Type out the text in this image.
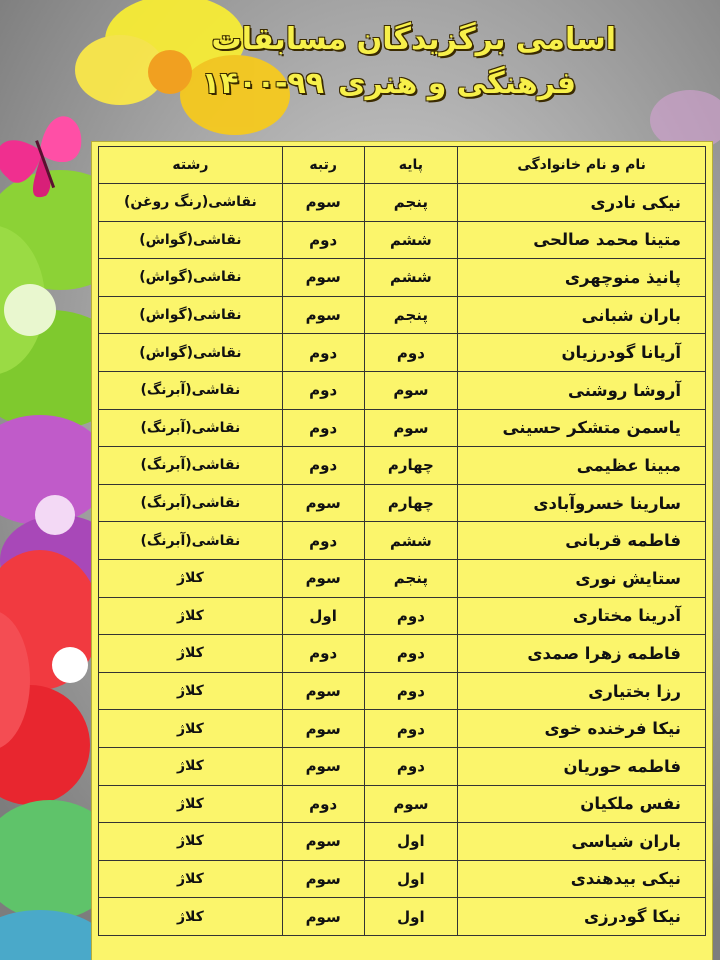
اسامی برگزیدگان مسابقات
فرهنگی و هنری۹۹-۱۴۰۰
نام و نام خانوادگی	پایه	رتبه	رشته
نیکی نادری	پنجم	سوم	نقاشی(رنگ روغن)
متینا محمد صالحی	ششم	دوم	نقاشی(گواش)
پانیذ منوچهری	ششم	سوم	نقاشی(گواش)
باران شبانی	پنجم	سوم	نقاشی(گواش)
آریانا گودرزیان	دوم	دوم	نقاشی(گواش)
آروشا روشنی	سوم	دوم	نقاشی(آبرنگ)
یاسمن متشکر حسینی	سوم	دوم	نقاشی(آبرنگ)
مبینا عظیمی	چهارم	دوم	نقاشی(آبرنگ)
سارینا خسروآبادی	چهارم	سوم	نقاشی(آبرنگ)
فاطمه قربانی	ششم	دوم	نقاشی(آبرنگ)
ستایش نوری	پنجم	سوم	کلاژ
آدرینا مختاری	دوم	اول	کلاژ
فاطمه زهرا صمدی	دوم	دوم	کلاژ
رزا بختیاری	دوم	سوم	کلاژ
نیکا فرخنده خوی	دوم	سوم	کلاژ
فاطمه حوریان	دوم	سوم	کلاژ
نفس ملکیان	سوم	دوم	کلاژ
باران شیاسی	اول	سوم	کلاژ
نیکی بیدهندی	اول	سوم	کلاژ
نیکا گودرزی	اول	سوم	کلاژ
